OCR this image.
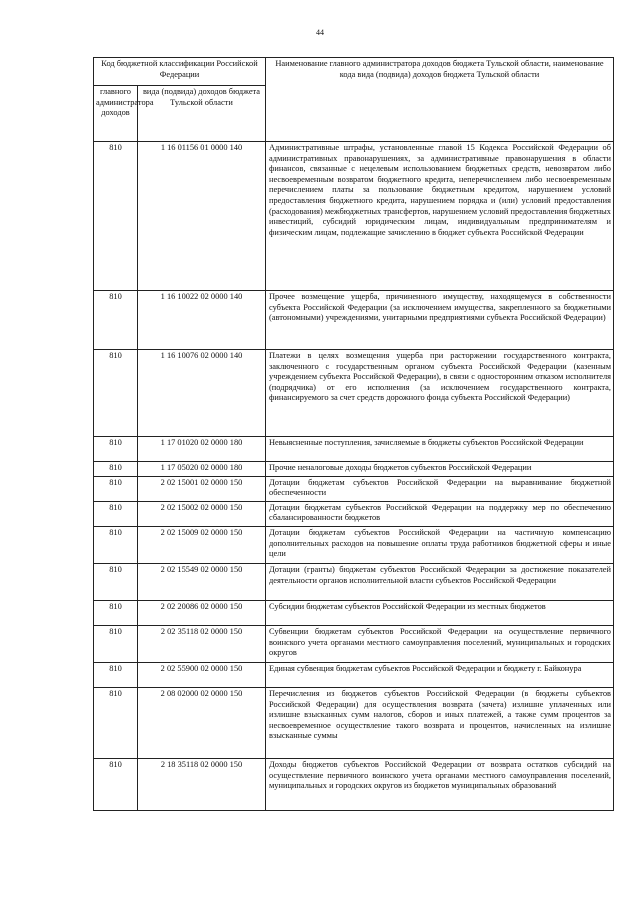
44
Код бюджетной классификации Российской Федерации		Наименование главного администратора доходов бюджета Тульской области, наименование кода вида (подвида) доходов бюджета Тульской области
главного администратора доходов	вида (подвида) доходов бюджета Тульской области	
810	1 16 01156 01 0000 140	Административные штрафы, установленные главой 15 Кодекса Российской Федерации об административных правонарушениях, за административные правонарушения в области финансов, связанные с нецелевым использованием бюджетных средств, невозвратом либо несвоевременным возвратом бюджетного кредита, неперечислением либо несвоевременным перечислением платы за пользование бюджетным кредитом, нарушением условий предоставления бюджетного кредита, нарушением порядка и (или) условий предоставления (расходования) межбюджетных трансфертов, нарушением условий предоставления бюджетных инвестиций, субсидий юридическим лицам, индивидуальным предпринимателям и физическим лицам, подлежащие зачислению в бюджет субъекта Российской Федерации
810	1 16 10022 02 0000 140	Прочее возмещение ущерба, причиненного имуществу, находящемуся в собственности субъекта Российской Федерации (за исключением имущества, закрепленного за бюджетными (автономными) учреждениями, унитарными предприятиями субъекта Российской Федерации)
810	1 16 10076 02 0000 140	Платежи в целях возмещения ущерба при расторжении государственного контракта, заключенного с государственным органом субъекта Российской Федерации (казенным учреждением субъекта Российской Федерации), в связи с односторонним отказом исполнителя (подрядчика) от его исполнения (за исключением государственного контракта, финансируемого за счет средств дорожного фонда субъекта Российской Федерации)
810	1 17 01020 02 0000 180	Невыясненные поступления, зачисляемые в бюджеты субъектов Российской Федерации
810	1 17 05020 02 0000 180	Прочие неналоговые доходы бюджетов субъектов Российской Федерации
810	2 02 15001 02 0000 150	Дотации бюджетам субъектов Российской Федерации на выравнивание бюджетной обеспеченности
810	2 02 15002 02 0000 150	Дотации бюджетам субъектов Российской Федерации на поддержку мер по обеспечению сбалансированности бюджетов
810	2 02 15009 02 0000 150	Дотации бюджетам субъектов Российской Федерации на частичную компенсацию дополнительных расходов на повышение оплаты труда работников бюджетной сферы и иные цели
810	2 02 15549 02 0000 150	Дотации (гранты) бюджетам субъектов Российской Федерации за достижение показателей деятельности органов исполнительной власти субъектов Российской Федерации
810	2 02 20086 02 0000 150	Субсидии бюджетам субъектов Российской Федерации из местных бюджетов
810	2 02 35118 02 0000 150	Субвенции бюджетам субъектов Российской Федерации на осуществление первичного воинского учета органами местного самоуправления поселений, муниципальных и городских округов
810	2 02 55900 02 0000 150	Единая субвенция бюджетам субъектов Российской Федерации и бюджету г. Байконура
810	2 08 02000 02 0000 150	Перечисления из бюджетов субъектов Российской Федерации (в бюджеты субъектов Российской Федерации) для осуществления возврата (зачета) излишне уплаченных или излишне взысканных сумм налогов, сборов и иных платежей, а также сумм процентов за несвоевременное осуществление такого возврата и процентов, начисленных на излишне взысканные суммы
810	2 18 35118 02 0000 150	Доходы бюджетов субъектов Российской Федерации от возврата остатков субсидий на осуществление первичного воинского учета органами местного самоуправления поселений, муниципальных и городских округов из бюджетов муниципальных образований
